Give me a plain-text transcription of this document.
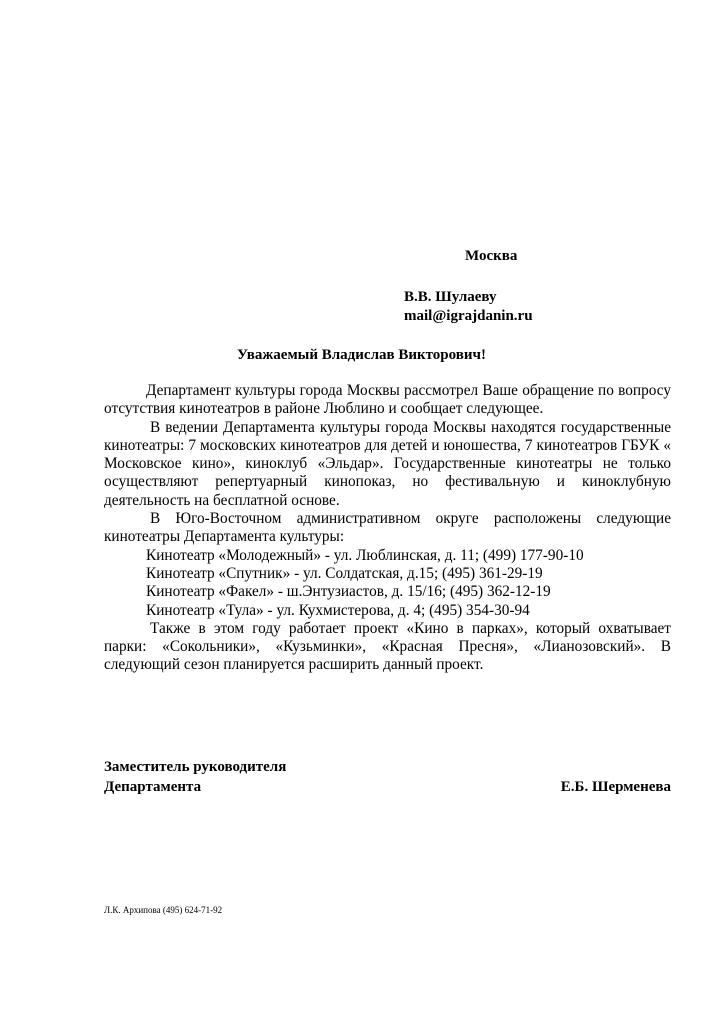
Москва
В.В. Шулаеву
mail@igrajdanin.ru
Уважаемый Владислав Викторович!

Департамент культуры города Москвы рассмотрел Ваше обращение по вопросу отсутствия кинотеатров в районе Люблино и сообщает следующее.

В ведении Департамента культуры города Москвы находятся государственные кинотеатры: 7 московских кинотеатров для детей и юношества, 7 кинотеатров ГБУК « Московское кино», киноклуб «Эльдар». Государственные кинотеатры не только осуществляют репертуарный кинопоказ, но фестивальную и киноклубную деятельность на бесплатной основе.

В Юго-Восточном административном округе расположены следующие кинотеатры Департамента культуры:

Кинотеатр «Молодежный» - ул. Люблинская, д. 11; (499) 177-90-10
Кинотеатр «Спутник» - ул. Солдатская, д.15; (495) 361-29-19
Кинотеатр «Факел» - ш.Энтузиастов, д. 15/16; (495) 362-12-19
Кинотеатр «Тула» - ул. Кухмистерова, д. 4; (495) 354-30-94

Также в этом году работает проект «Кино в парках», который охватывает парки: «Сокольники», «Кузьминки», «Красная Пресня», «Лианозовский». В следующий сезон планируется расширить данный проект.

Заместитель руководителя
Департамента	Е.Б. Шерменева
Л.К. Архипова (495) 624-71-92
